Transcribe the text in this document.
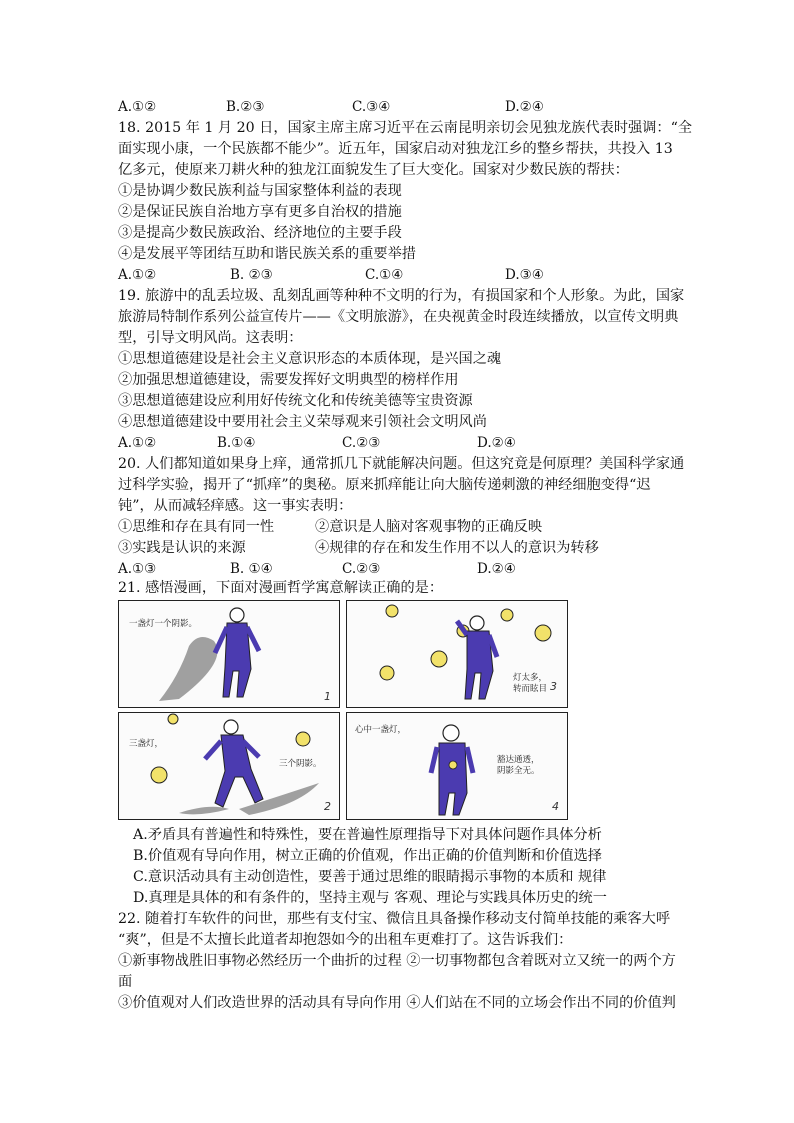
A.①②	B.②③	C.③④	D.②④
18. 2015 年 1 月 20 日，国家主席主席习近平在云南昆明亲切会见独龙族代表时强调：“全
面实现小康，一个民族都不能少”。近五年，国家启动对独龙江乡的整乡帮扶，共投入 13
亿多元，使原来刀耕火种的独龙江面貌发生了巨大变化。国家对少数民族的帮扶：
①是协调少数民族利益与国家整体利益的表现
②是保证民族自治地方享有更多自治权的措施
③是提高少数民族政治、经济地位的主要手段
④是发展平等团结互助和谐民族关系的重要举措
A.①②	B. ②③	C.①④	D.③④
19. 旅游中的乱丢垃圾、乱刻乱画等种种不文明的行为，有损国家和个人形象。为此，国家
旅游局特制作系列公益宣传片——《文明旅游》，在央视黄金时段连续播放，以宣传文明典
型，引导文明风尚。这表明：
①思想道德建设是社会主义意识形态的本质体现，是兴国之魂
②加强思想道德建设，需要发挥好文明典型的榜样作用
③思想道德建设应利用好传统文化和传统美德等宝贵资源
④思想道德建设中要用社会主义荣辱观来引领社会文明风尚
A.①②	B.①④	C.②③	D.②④
20. 人们都知道如果身上痒，通常抓几下就能解决问题。但这究竟是何原理？美国科学家通
过科学实验，揭开了“抓痒”的奥秘。原来抓痒能让向大脑传递刺激的神经细胞变得“迟
钝”，从而减轻痒感。这一事实表明：
①思维和存在具有同一性	②意识是人脑对客观事物的正确反映
③实践是认识的来源	④规律的存在和发生作用不以人的意识为转移
A.①③	B. ①④	C.②③	D.②④
21. 感悟漫画，下面对漫画哲学寓意解读正确的是：
一盏灯一个阴影。
1
灯太多，转而眩目 3
三盏灯，
三个阴影。
2
心中一盏灯，
豁达通透，阴影全无。
4
A.矛盾具有普遍性和特殊性，要在普遍性原理指导下对具体问题作具体分析
B.价值观有导向作用，树立正确的价值观，作出正确的价值判断和价值选择
C.意识活动具有主动创造性，要善于通过思维的眼睛揭示事物的本质和 规律
D.真理是具体的和有条件的，坚持主观与 客观、理论与实践具体历史的统一
22. 随着打车软件的问世，那些有支付宝、微信且具备操作移动支付简单技能的乘客大呼
“爽”，但是不太擅长此道者却抱怨如今的出租车更难打了。这告诉我们：
①新事物战胜旧事物必然经历一个曲折的过程 ②一切事物都包含着既对立又统一的两个方
面
③价值观对人们改造世界的活动具有导向作用 ④人们站在不同的立场会作出不同的价值判
